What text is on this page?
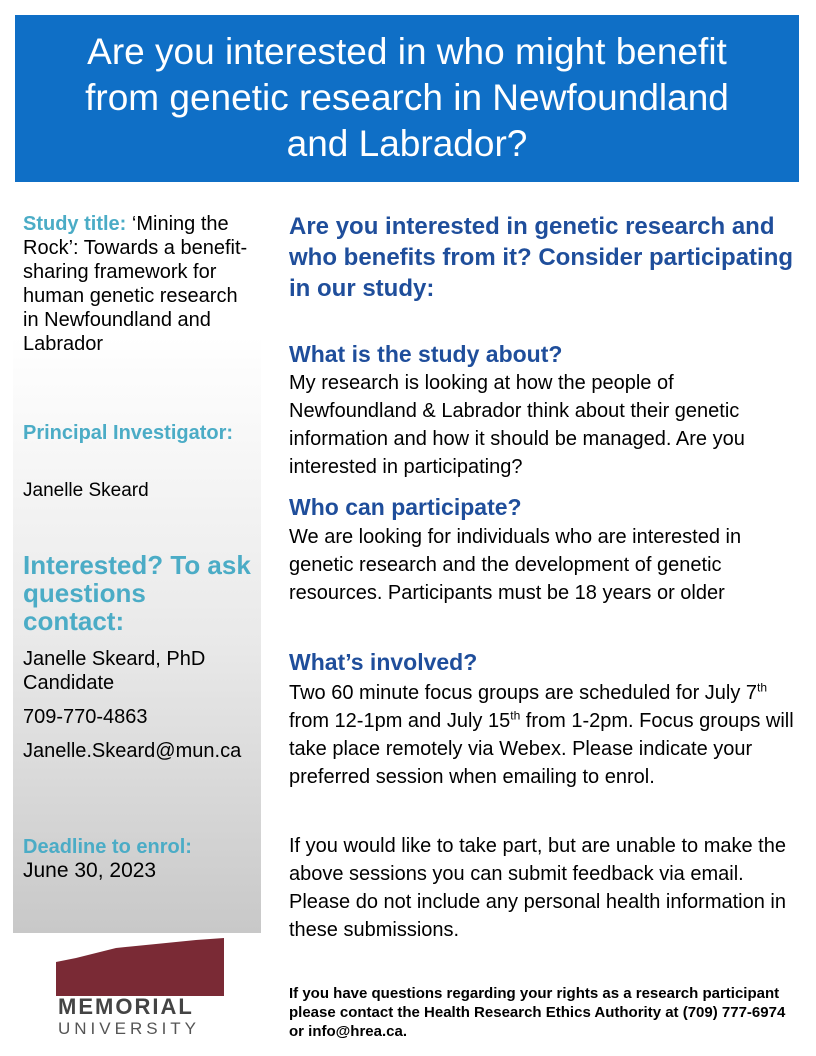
Are you interested in who might benefit
from genetic research in Newfoundland
and Labrador?
Study title: ‘Mining the Rock’: Towards a benefit-sharing framework for human genetic research in Newfoundland and Labrador
Principal Investigator:
Janelle Skeard
Interested? To ask questions contact:
Janelle Skeard, PhD Candidate
709-770-4863
Janelle.Skeard@mun.ca
Deadline to enrol:
June 30, 2023
Are you interested in genetic research and who benefits from it? Consider participating in our study:
What is the study about?
My research is looking at how the people of Newfoundland & Labrador think about their genetic information and how it should be managed. Are you interested in participating?
Who can participate?
We are looking for individuals who are interested in genetic research and the development of genetic resources. Participants must be 18 years or older
What’s involved?
Two 60 minute focus groups are scheduled for July 7th from 12-1pm and July 15th from 1-2pm. Focus groups will take place remotely via Webex. Please indicate your preferred session when emailing to enrol.
If you would like to take part, but are unable to make the above sessions you can submit feedback via email. Please do not include any personal health information in these submissions.
If you have questions regarding your rights as a research participant please contact the Health Research Ethics Authority at (709) 777-6974 or info@hrea.ca.
MEMORIAL
UNIVERSITY
